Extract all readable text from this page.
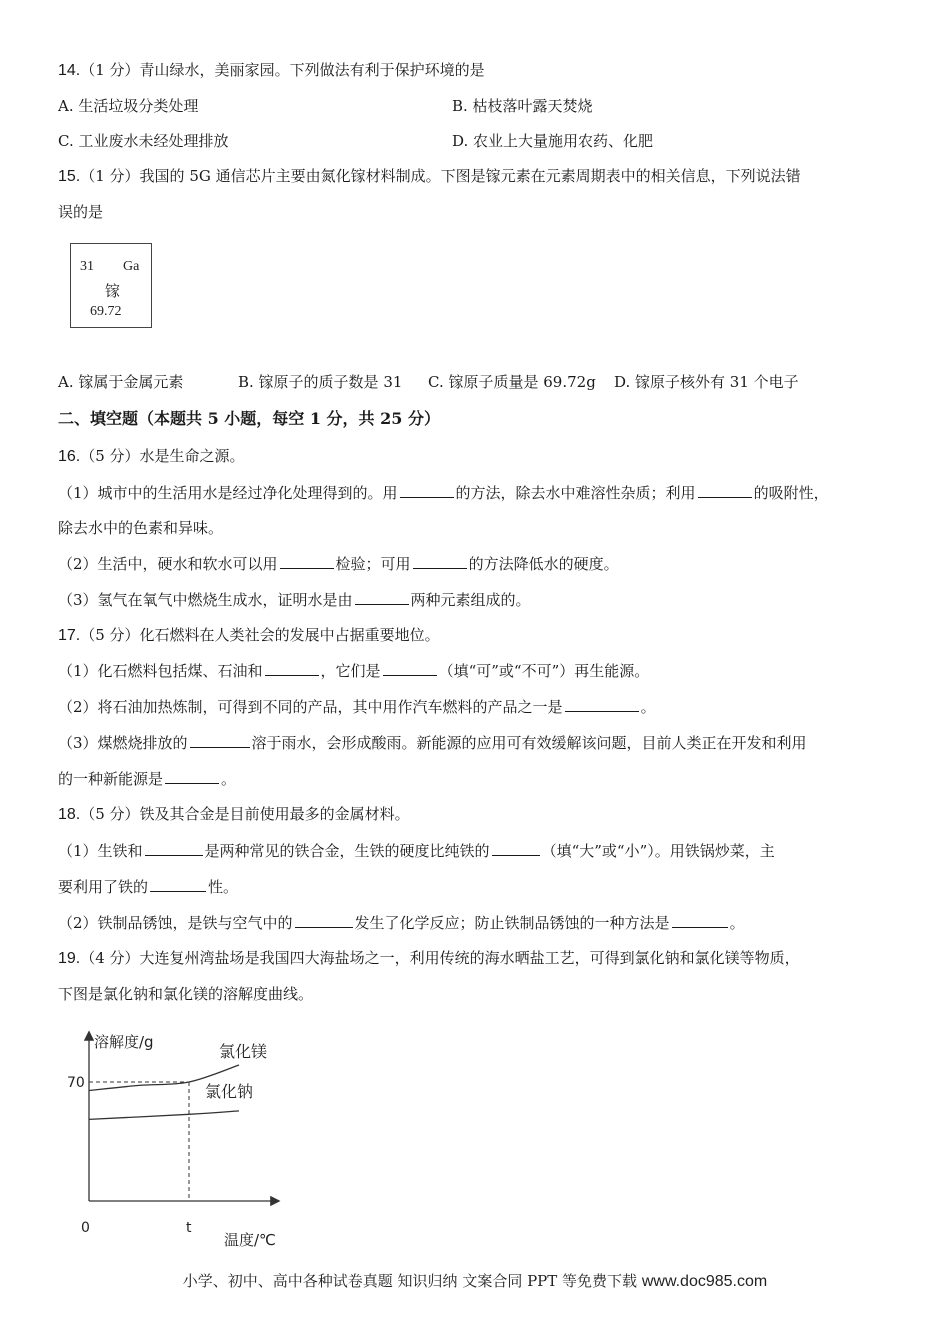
14.（1 分）青山绿水，美丽家园。下列做法有利于保护环境的是
A. 生活垃圾分类处理	B. 枯枝落叶露天焚烧
C. 工业废水未经处理排放	D. 农业上大量施用农药、化肥
15.（1 分）我国的 5G 通信芯片主要由氮化镓材料制成。下图是镓元素在元素周期表中的相关信息，下列说法错
误的是
31 Ga
镓
69.72
A. 镓属于金属元素	B. 镓原子的质子数是 31 C. 镓原子质量是 69.72g D. 镓原子核外有 31 个电子
二、填空题（本题共 5 小题，每空 1 分，共 25 分）
16.（5 分）水是生命之源。
（1）城市中的生活用水是经过净化处理得到的。用	的方法，除去水中难溶性杂质；利用	的吸附性，
除去水中的色素和异味。
（2）生活中，硬水和软水可以用	检验；可用	的方法降低水的硬度。
（3）氢气在氧气中燃烧生成水，证明水是由	两种元素组成的。
17.（5 分）化石燃料在人类社会的发展中占据重要地位。
（1）化石燃料包括煤、石油和	，它们是	（填“可”或“不可”）再生能源。
（2）将石油加热炼制，可得到不同的产品，其中用作汽车燃料的产品之一是	。
（3）煤燃烧排放的	溶于雨水，会形成酸雨。新能源的应用可有效缓解该问题，目前人类正在开发和利用
的一种新能源是	。
18.（5 分）铁及其合金是目前使用最多的金属材料。
（1）生铁和	是两种常见的铁合金，生铁的硬度比纯铁的	（填“大”或“小”）。用铁锅炒菜，主
要利用了铁的	性。
（2）铁制品锈蚀，是铁与空气中的	发生了化学反应；防止铁制品锈蚀的一种方法是	。
19.（4 分）大连复州湾盐场是我国四大海盐场之一，利用传统的海水晒盐工艺，可得到氯化钠和氯化镁等物质，
下图是氯化钠和氯化镁的溶解度曲线。
溶解度/g
温度/℃
0	t
70
氯化镁
氯化钠
小学、初中、高中各种试卷真题 知识归纳 文案合同 PPT 等免费下载 www.doc985.com
